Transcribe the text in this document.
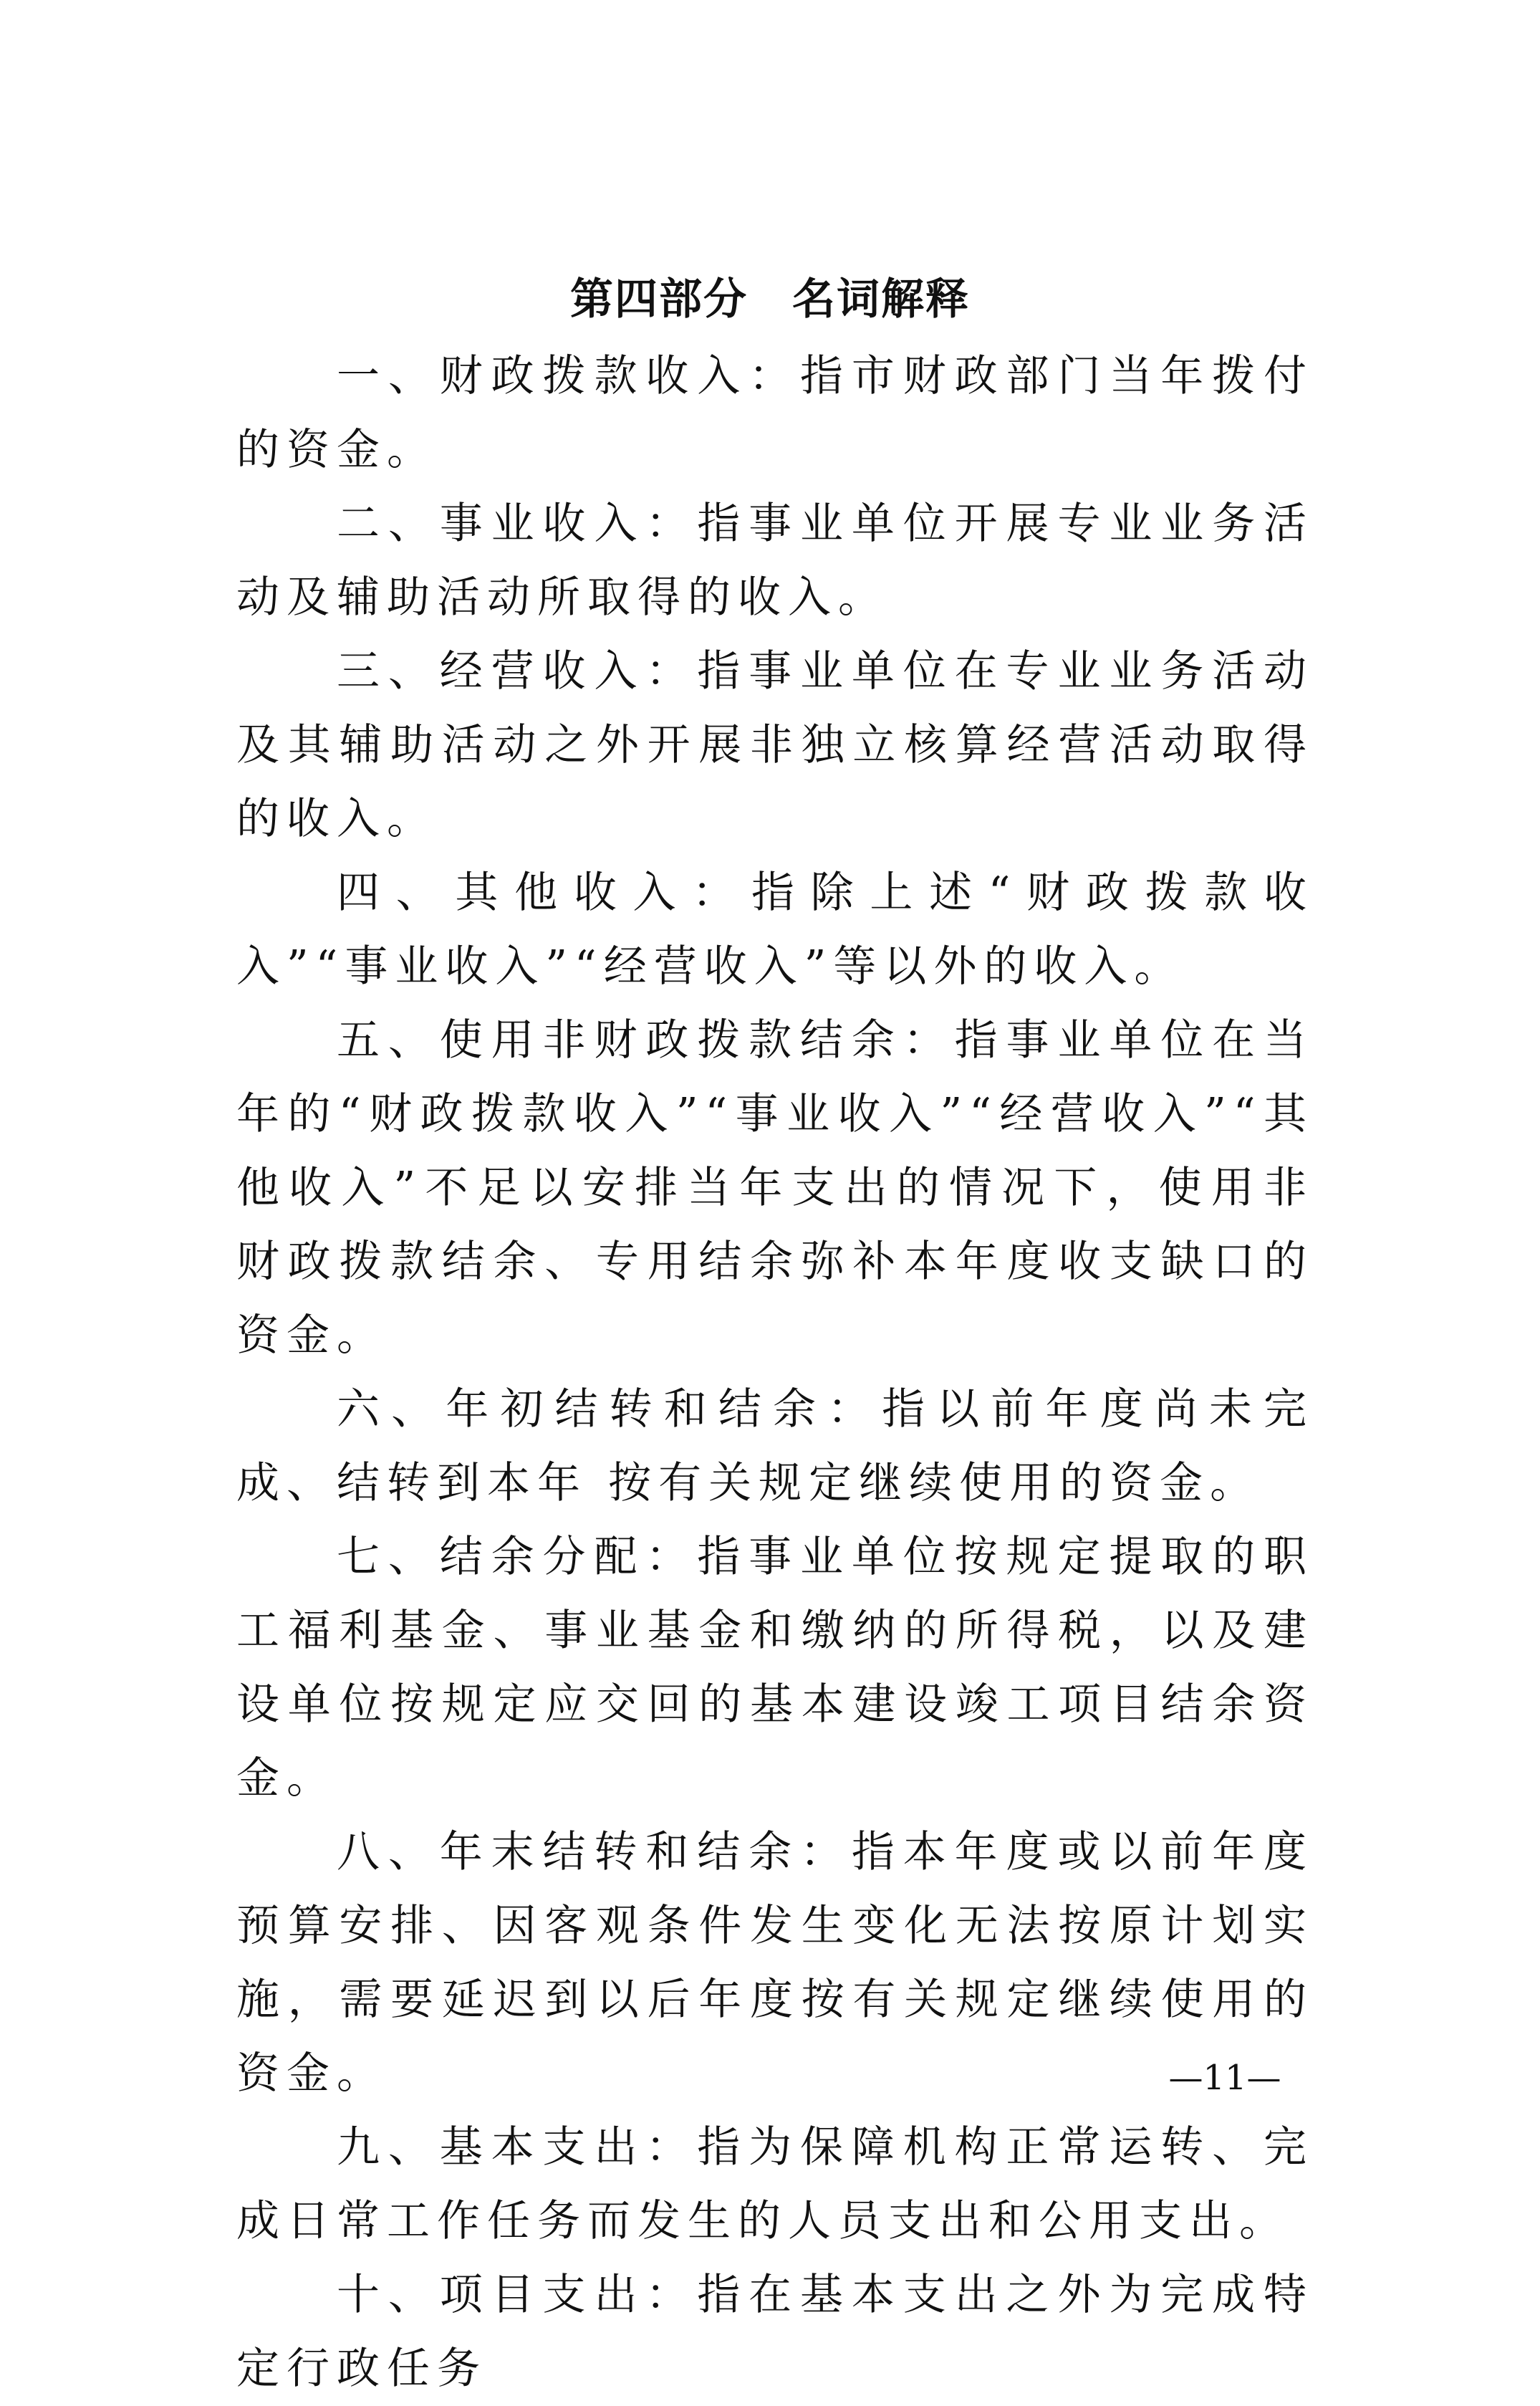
第四部分　名词解释

一、财政拨款收入：指市财政部门当年拨付的资金。

二、事业收入：指事业单位开展专业业务活动及辅助活动所取得的收入。

三、经营收入：指事业单位在专业业务活动及其辅助活动之外开展非独立核算经营活动取得的收入。

四、其他收入：指除上述“财政拨款收入”“事业收入”“经营收入”等以外的收入。

五、使用非财政拨款结余：指事业单位在当年的“财政拨款收入”“事业收入”“经营收入”“其他收入”不足以安排当年支出的情况下，使用非财政拨款结余、专用结余弥补本年度收支缺口的资金。

六、年初结转和结余：指以前年度尚未完成、结转到本年 按有关规定继续使用的资金。

七、结余分配：指事业单位按规定提取的职工福利基金、事业基金和缴纳的所得税，以及建设单位按规定应交回的基本建设竣工项目结余资金。

八、年末结转和结余：指本年度或以前年度预算安排、因客观条件发生变化无法按原计划实施，需要延迟到以后年度按有关规定继续使用的资金。

九、基本支出：指为保障机构正常运转、完成日常工作任务而发生的人员支出和公用支出。

十、项目支出：指在基本支出之外为完成特定行政任务

—11—
